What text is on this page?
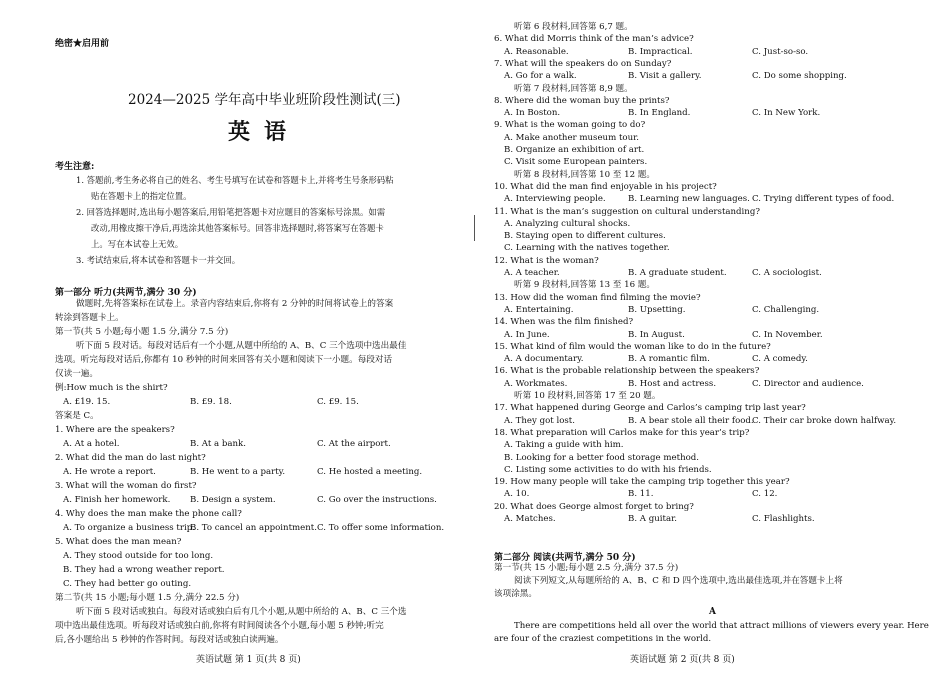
绝密★启用前
2024—2025 学年高中毕业班阶段性测试(三)
英语
考生注意:
1. 答题前,考生务必将自己的姓名、考生号填写在试卷和答题卡上,并将考生号条形码粘
贴在答题卡上的指定位置。
2. 回答选择题时,选出每小题答案后,用铅笔把答题卡对应题目的答案标号涂黑。如需
改动,用橡皮擦干净后,再选涂其他答案标号。回答非选择题时,将答案写在答题卡
上。写在本试卷上无效。
3. 考试结束后,将本试卷和答题卡一并交回。
第一部分 听力(共两节,满分 30 分)
做题时,先将答案标在试卷上。录音内容结束后,你将有 2 分钟的时间将试卷上的答案
转涂到答题卡上。
第一节(共 5 小题;每小题 1.5 分,满分 7.5 分)
听下面 5 段对话。每段对话后有一个小题,从题中所给的 A、B、C 三个选项中选出最佳
选项。听完每段对话后,你都有 10 秒钟的时间来回答有关小题和阅读下一小题。每段对话
仅读一遍。
例:How much is the shirt?
A. £19. 15.	B. £9. 18.	C. £9. 15.
答案是 C。
1. Where are the speakers?
A. At a hotel.	B. At a bank.	C. At the airport.
2. What did the man do last night?
A. He wrote a report.	B. He went to a party.	C. He hosted a meeting.
3. What will the woman do first?
A. Finish her homework. B. Design a system.	C. Go over the instructions.
4. Why does the man make the phone call?
A. To organize a business trip.
B. To cancel an appointment. C. To offer some information.
5. What does the man mean?
A. They stood outside for too long.
B. They had a wrong weather report.
C. They had better go outing.
第二节(共 15 小题;每小题 1.5 分,满分 22.5 分)
听下面 5 段对话或独白。每段对话或独白后有几个小题,从题中所给的 A、B、C 三个选
项中选出最佳选项。听每段对话或独白前,你将有时间阅读各个小题,每小题 5 秒钟;听完
后,各小题给出 5 秒钟的作答时间。每段对话或独白读两遍。
英语试题 第 1 页(共 8 页)
听第 6 段材料,回答第 6,7 题。
6. What did Morris think of the man’s advice?
A. Reasonable.	B. Impractical.	C. Just-so-so.
7. What will the speakers do on Sunday?
A. Go for a walk.	B. Visit a gallery.	C. Do some shopping.
听第 7 段材料,回答第 8,9 题。
8. Where did the woman buy the prints?
A. In Boston.	B. In England.	C. In New York.
9. What is the woman going to do?
A. Make another museum tour.
B. Organize an exhibition of art.
C. Visit some European painters.
听第 8 段材料,回答第 10 至 12 题。
10. What did the man find enjoyable in his project?
A. Interviewing people.	B. Learning new languages. C. Trying different types of food.
11. What is the man’s suggestion on cultural understanding?
A. Analyzing cultural shocks.
B. Staying open to different cultures.
C. Learning with the natives together.
12. What is the woman?
A. A teacher.	B. A graduate student.	C. A sociologist.
听第 9 段材料,回答第 13 至 16 题。
13. How did the woman find filming the movie?
A. Entertaining.	B. Upsetting.	C. Challenging.
14. When was the film finished?
A. In June.	B. In August.	C. In November.
15. What kind of film would the woman like to do in the future?
A. A documentary.	B. A romantic film.	C. A comedy.
16. What is the probable relationship between the speakers?
A. Workmates.	B. Host and actress.	C. Director and audience.
听第 10 段材料,回答第 17 至 20 题。
17. What happened during George and Carlos’s camping trip last year?
A. They got lost.	B. A bear stole all their food.
C. Their car broke down halfway.
18. What preparation will Carlos make for this year’s trip?
A. Taking a guide with him.
B. Looking for a better food storage method.
C. Listing some activities to do with his friends.
19. How many people will take the camping trip together this year?
A. 10.	B. 11.	C. 12.
20. What does George almost forget to bring?
A. Matches.	B. A guitar.	C. Flashlights.
第二部分 阅读(共两节,满分 50 分)
第一节(共 15 小题;每小题 2.5 分,满分 37.5 分)
阅读下列短文,从每题所给的 A、B、C 和 D 四个选项中,选出最佳选项,并在答题卡上将
该项涂黑。
A
There are competitions held all over the world that attract millions of viewers every year. Here
are four of the craziest competitions in the world.
英语试题 第 2 页(共 8 页)
